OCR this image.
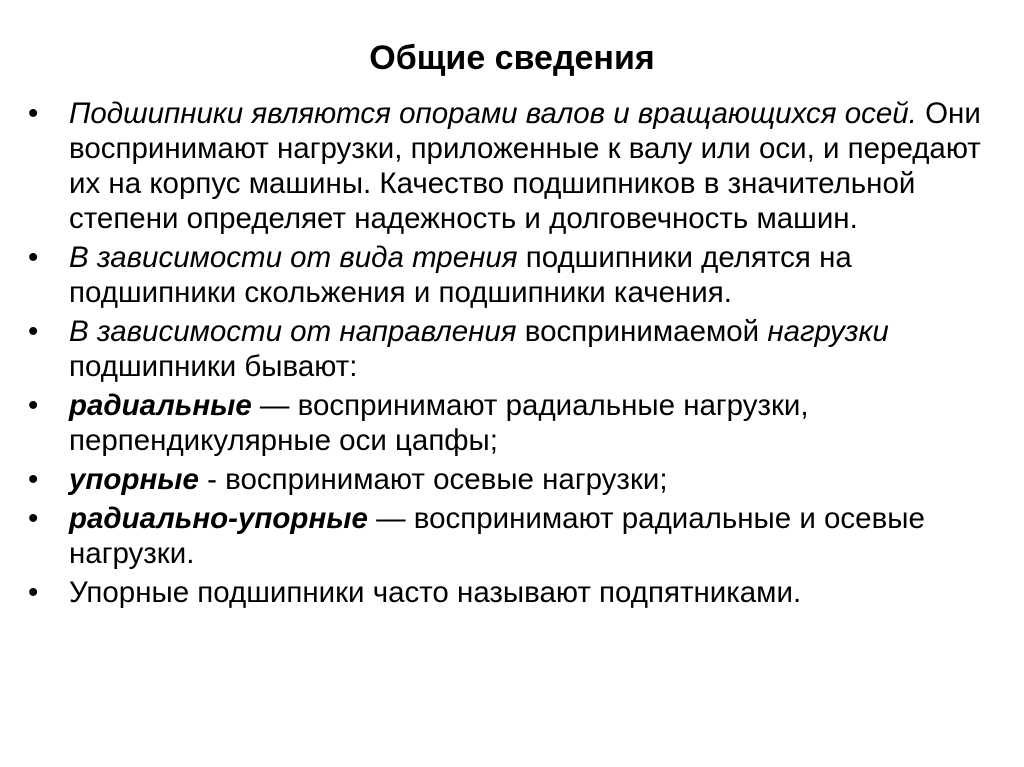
Общие сведения
•	Подшипники являются опорами валов и вращающихся осей. Они воспринимают нагрузки, приложенные к валу или оси, и передают их на корпус машины. Качество подшипников в значительной степени определяет надежность и долговечность машин.
•	В зависимости от вида трения подшипники делятся на подшипники скольжения и подшипники качения.
•	В зависимости от направления воспринимаемой нагрузки подшипники бывают:
•	радиальные — воспринимают радиальные нагрузки, перпендикулярные оси цапфы;
•	упорные - воспринимают осевые нагрузки;
•	радиально-упорные — воспринимают радиальные и осевые нагрузки.
•	Упорные подшипники часто называют подпятниками.
